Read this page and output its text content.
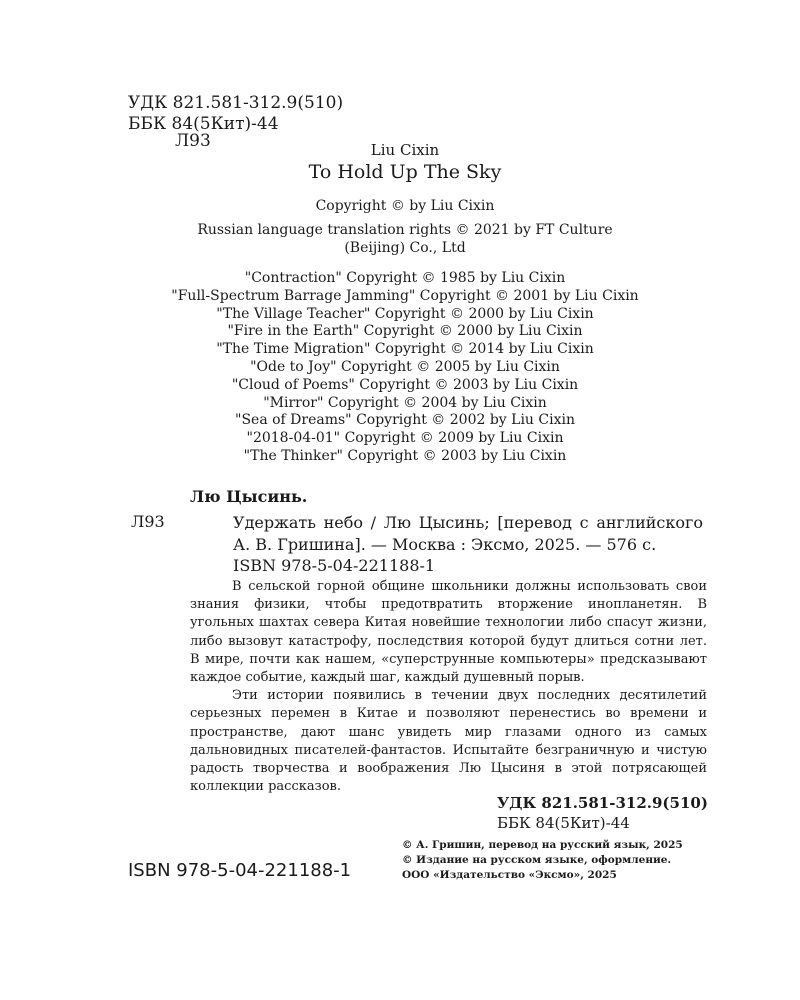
УДК 821.581-312.9(510)
ББК 84(5Кит)-44
Л93	Liu Cixin
To Hold Up The Sky
Copyright © by Liu Cixin
Russian language translation rights © 2021 by FT Culture
(Beijing) Co., Ltd
"Contraction" Copyright © 1985 by Liu Cixin
"Full-Spectrum Barrage Jamming" Copyright © 2001 by Liu Cixin
"The Village Teacher" Copyright © 2000 by Liu Cixin
"Fire in the Earth" Copyright © 2000 by Liu Cixin
"The Time Migration" Copyright © 2014 by Liu Cixin
"Ode to Joy" Copyright © 2005 by Liu Cixin
"Cloud of Poems" Copyright © 2003 by Liu Cixin
"Mirror" Copyright © 2004 by Liu Cixin
"Sea of Dreams" Copyright © 2002 by Liu Cixin
"2018-04-01" Copyright © 2009 by Liu Cixin
"The Thinker" Copyright © 2003 by Liu Cixin
Лю Цысинь.
Л93	Удержать небо / Лю Цысинь; [перевод с английского А. В. Гришина]. — Москва : Эксмо, 2025. — 576 с.
ISBN 978-5-04-221188-1

В сельской горной общине школьники должны использовать свои знания физики, чтобы предотвратить вторжение инопланетян. В угольных шахтах севера Китая новейшие технологии либо спасут жизни, либо вызовут катастрофу, последствия которой будут длиться сотни лет. В мире, почти как нашем, «суперструнные компьютеры» предсказывают каждое событие, каждый шаг, каждый душевный порыв.

Эти истории появились в течении двух последних десятилетий серьезных перемен в Китае и позволяют перенестись во времени и пространстве, дают шанс увидеть мир глазами одного из самых дальновидных писателей-фантастов. Испытайте безграничную и чистую радость творчества и воображения Лю Цысиня в этой потрясающей коллекции рассказов.

УДК 821.581-312.9(510)
ББК 84(5Кит)-44
© А. Гришин, перевод на русский язык, 2025
© Издание на русском языке, оформление.
ООО «Издательство «Эксмо», 2025
ISBN 978-5-04-221188-1
